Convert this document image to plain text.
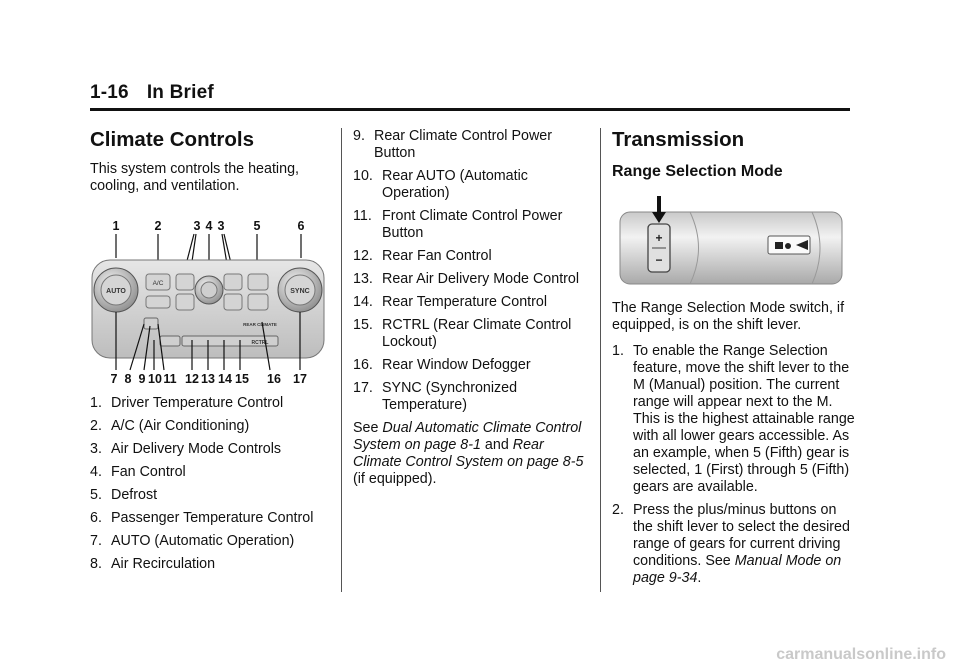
1-16 In Brief
Climate Controls

This system controls the heating, cooling, and ventilation.

1	2	3 4 3 5	6
AUTO	SYNC
A/C
REAR CLIMATE
RCTRL
7 8 9 10 11 12 13 14 15 16 17
1. Driver Temperature Control
2. A/C (Air Conditioning)
3. Air Delivery Mode Controls
4. Fan Control
5. Defrost
6. Passenger Temperature Control
7. AUTO (Automatic Operation)
8. Air Recirculation
9. Rear Climate Control Power Button
10. Rear AUTO (Automatic Operation)
11. Front Climate Control Power Button
12. Rear Fan Control
13. Rear Air Delivery Mode Control
14. Rear Temperature Control
15. RCTRL (Rear Climate Control Lockout)
16. Rear Window Defogger
17. SYNC (Synchronized Temperature)

See Dual Automatic Climate Control System on page 8-1 and Rear Climate Control System on page 8-5 (if equipped).

Transmission
Range Selection Mode
+
−

The Range Selection Mode switch, if equipped, is on the shift lever.

1. To enable the Range Selection feature, move the shift lever to the M (Manual) position. The current range will appear next to the M. This is the highest attainable range with all lower gears accessible. As an example, when 5 (Fifth) gear is selected, 1 (First) through 5 (Fifth) gears are available.
2. Press the plus/minus buttons on the shift lever to select the desired range of gears for current driving conditions. See Manual Mode on page 9-34.
carmanualsonline.info
